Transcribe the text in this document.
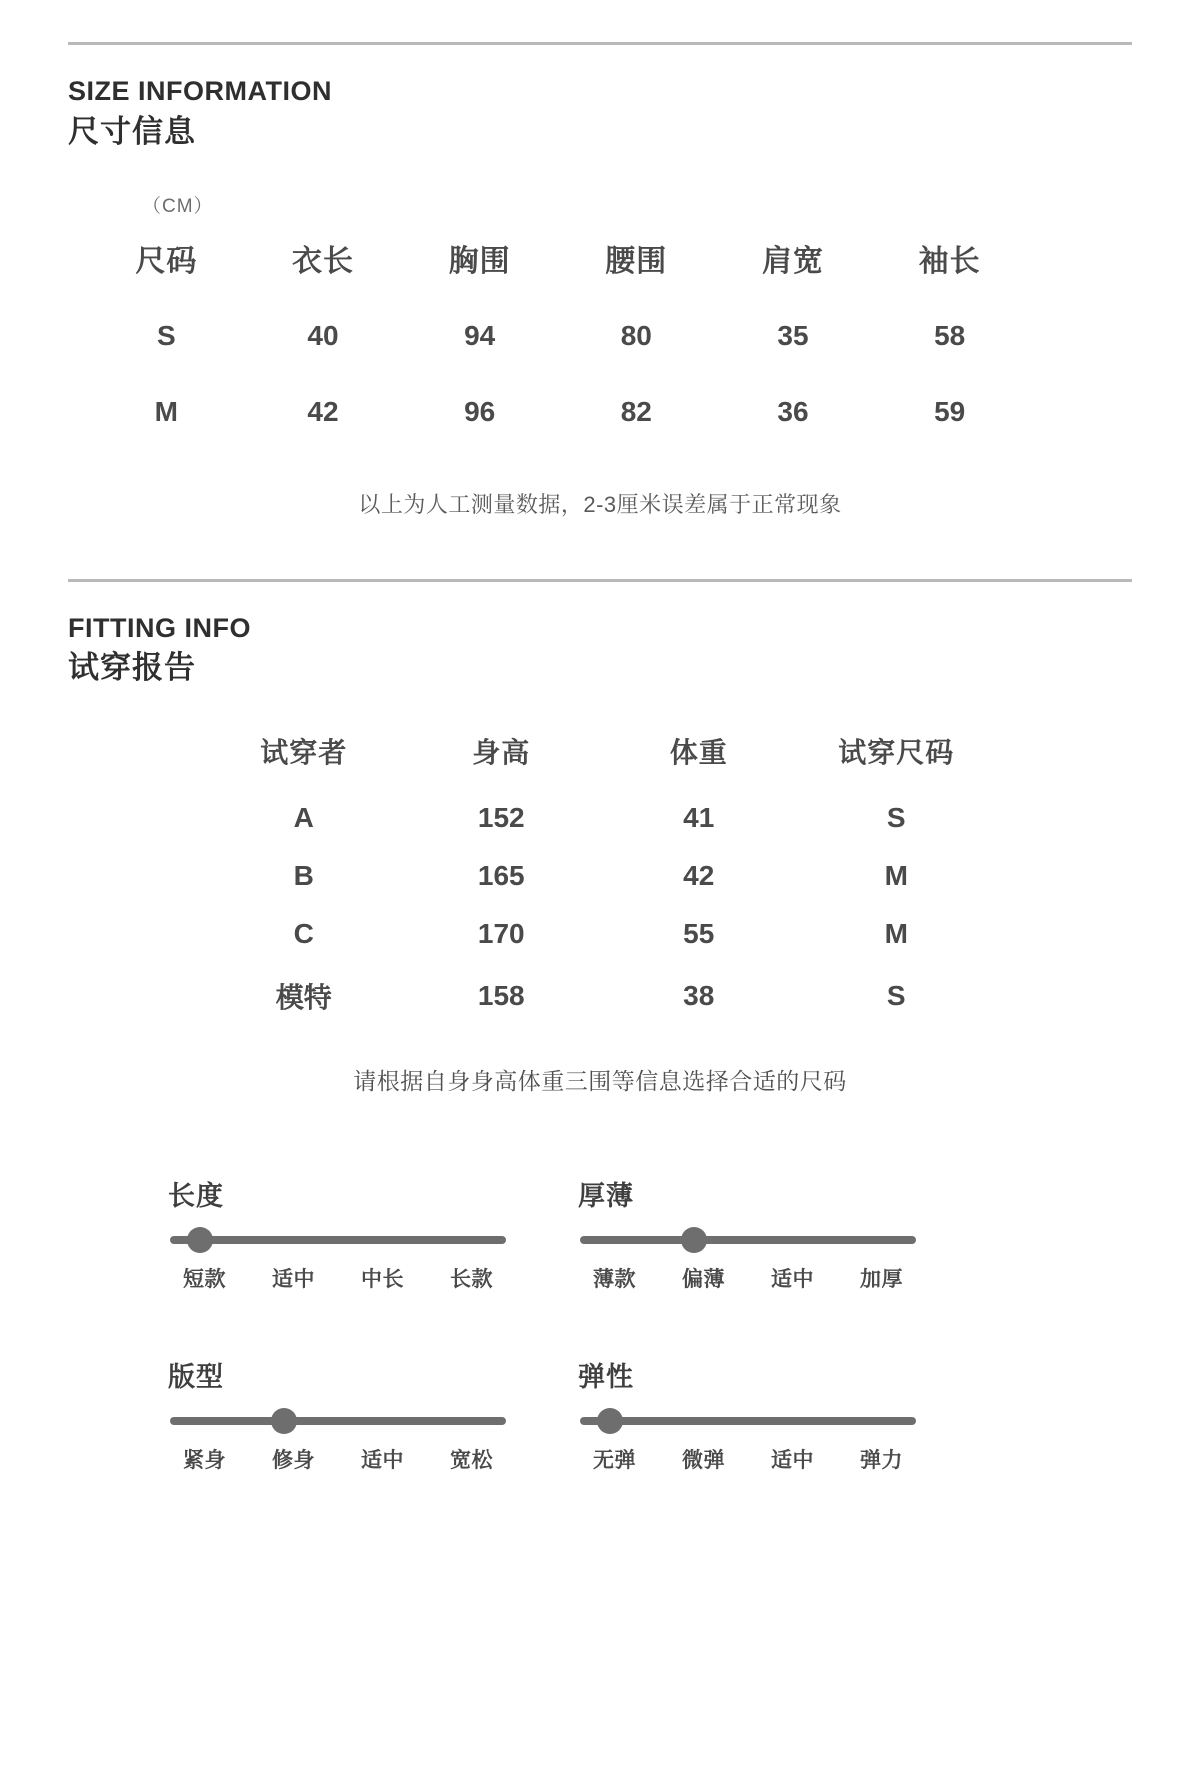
SIZE INFORMATION
尺寸信息
（CM）
尺码	衣长	胸围	腰围	肩宽	袖长
S	40	94	80	35	58
M	42	96	82	36	59
以上为人工测量数据，2-3厘米误差属于正常现象
FITTING INFO
试穿报告
试穿者	身高	体重	试穿尺码
A	152	41	S
B	165	42	M
C	170	55	M
模特	158	38	S
请根据自身身高体重三围等信息选择合适的尺码
长度
短款	适中	中长	长款
厚薄
薄款	偏薄	适中	加厚
版型
紧身	修身	适中	宽松
弹性
无弹	微弹	适中	弹力
